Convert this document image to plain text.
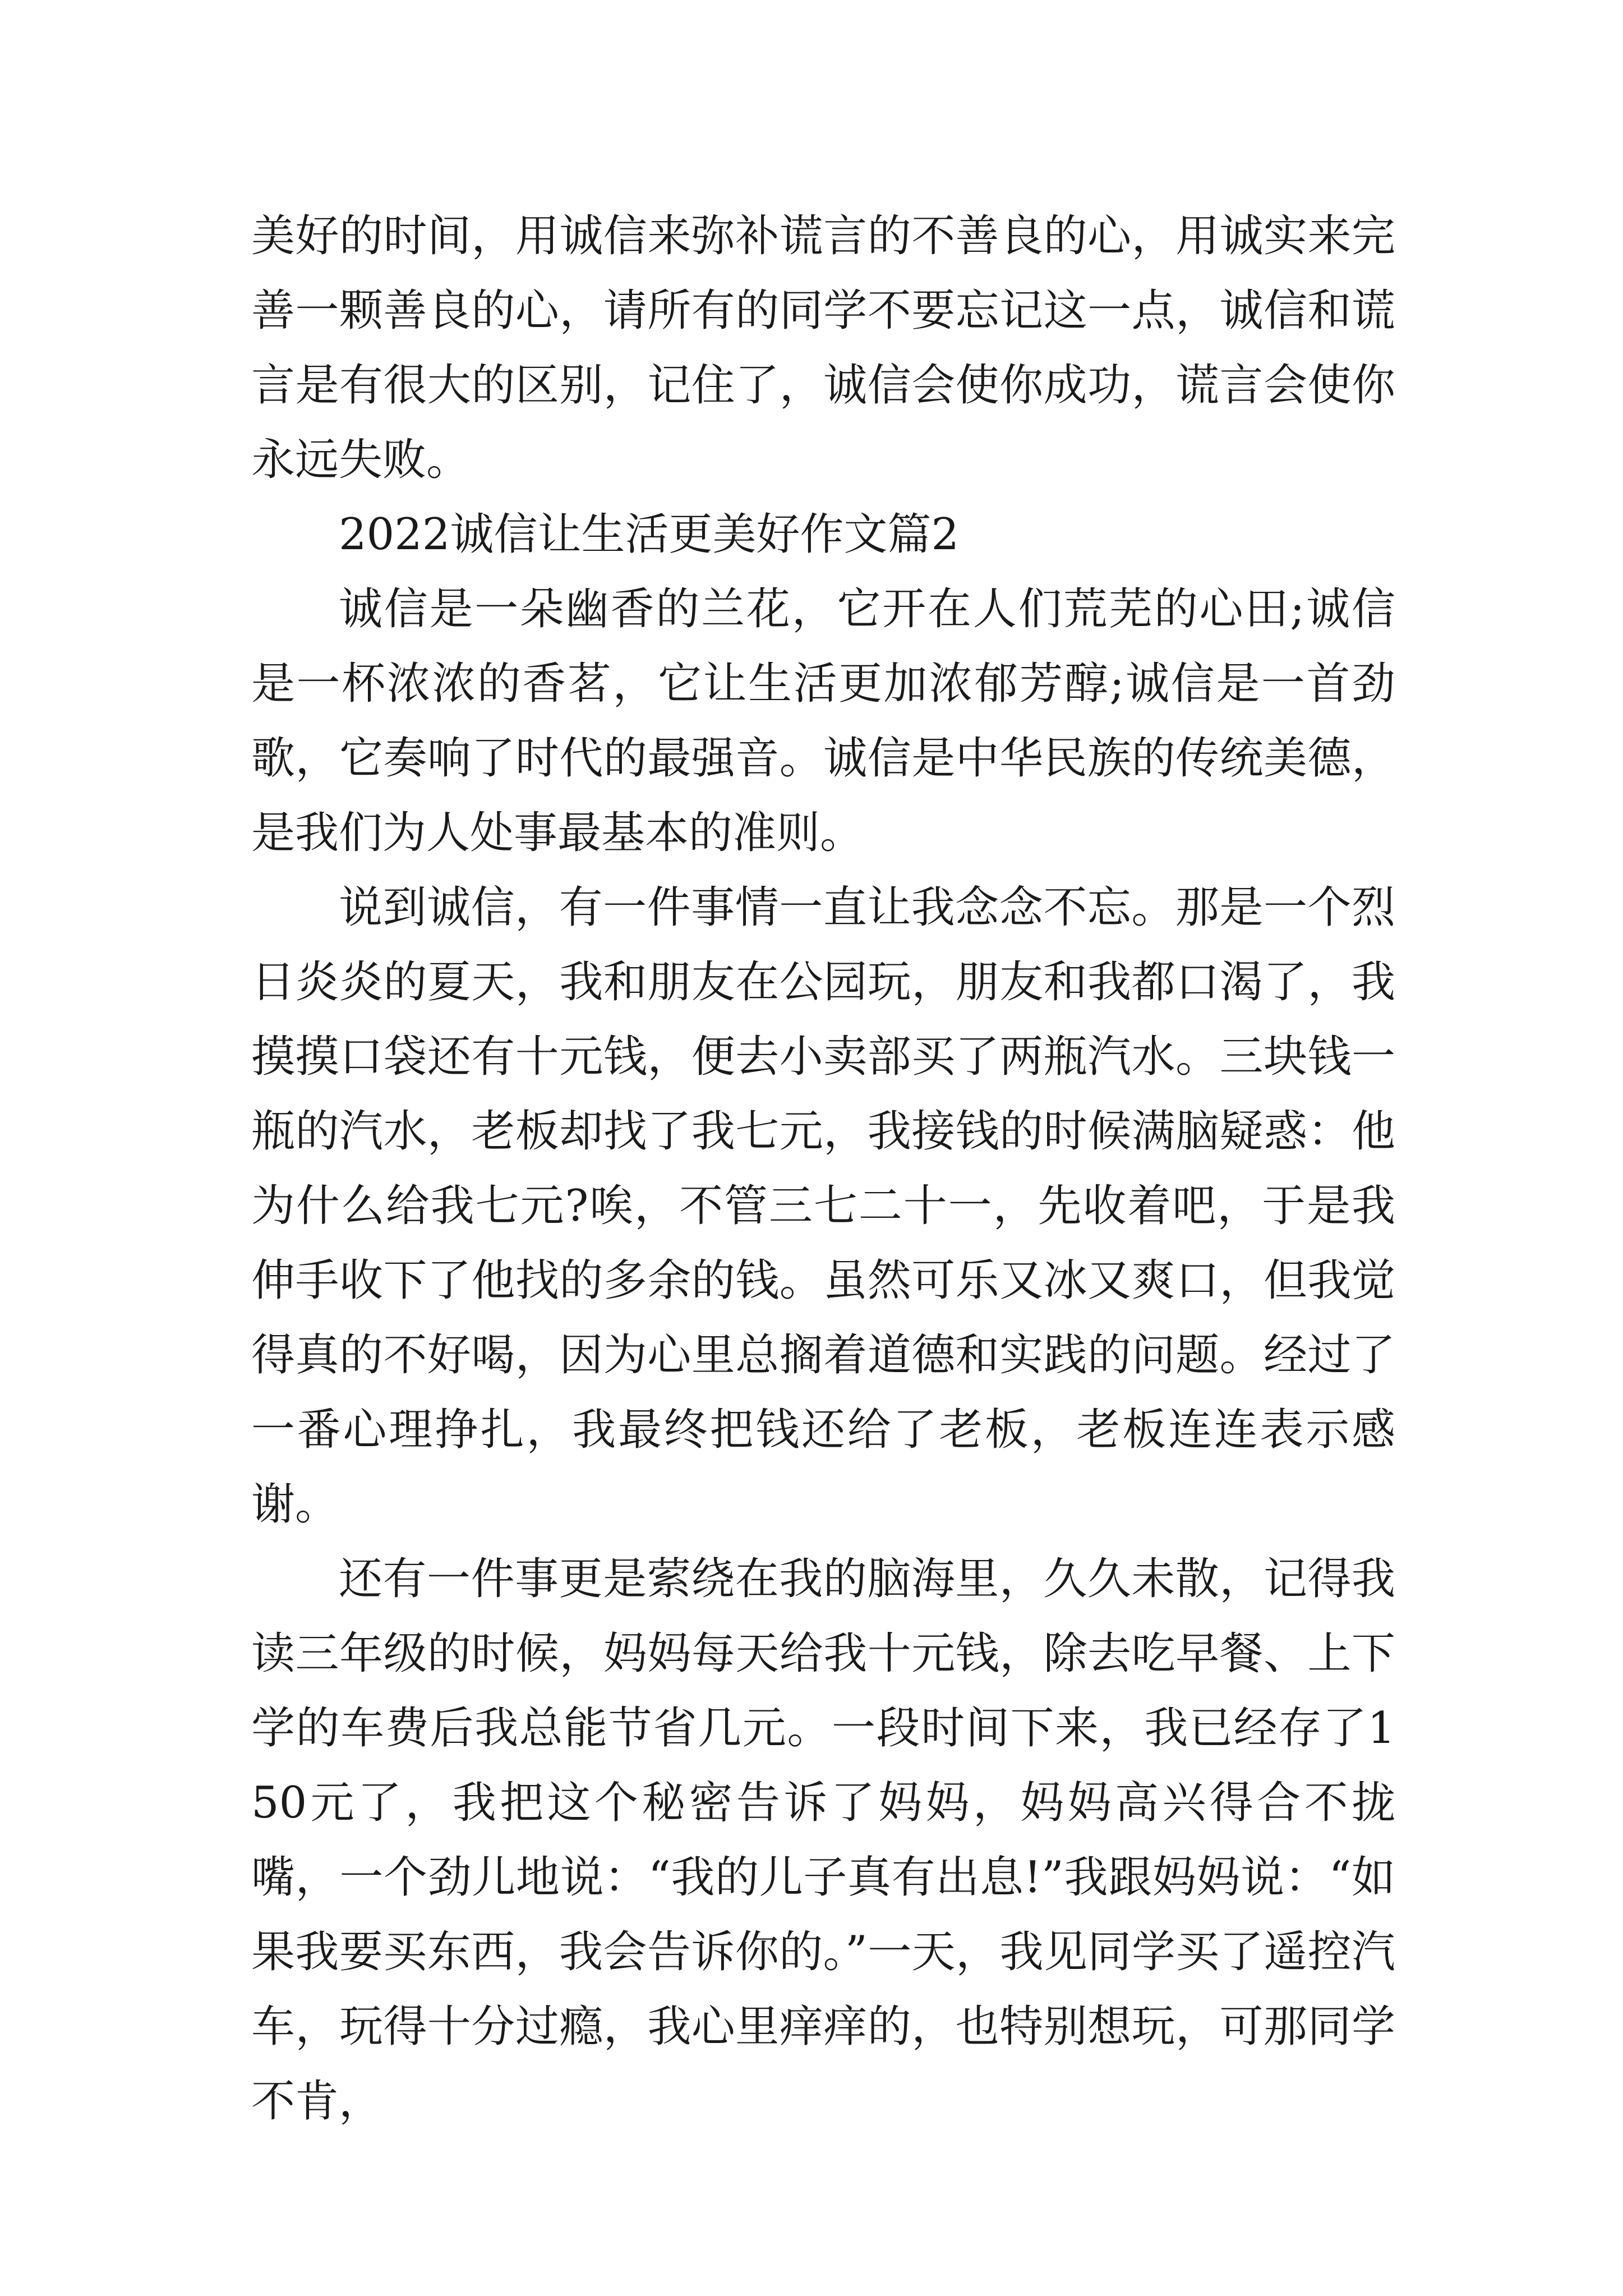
美好的时间，用诚信来弥补谎言的不善良的心，用诚实来完善一颗善良的心，请所有的同学不要忘记这一点，诚信和谎言是有很大的区别，记住了，诚信会使你成功，谎言会使你永远失败。

2022诚信让生活更美好作文篇2

诚信是一朵幽香的兰花，它开在人们荒芜的心田;诚信是一杯浓浓的香茗，它让生活更加浓郁芳醇;诚信是一首劲歌，它奏响了时代的最强音。诚信是中华民族的传统美德，是我们为人处事最基本的准则。

说到诚信，有一件事情一直让我念念不忘。那是一个烈日炎炎的夏天，我和朋友在公园玩，朋友和我都口渴了，我摸摸口袋还有十元钱，便去小卖部买了两瓶汽水。三块钱一瓶的汽水，老板却找了我七元，我接钱的时候满脑疑惑：他为什么给我七元?唉，不管三七二十一，先收着吧，于是我伸手收下了他找的多余的钱。虽然可乐又冰又爽口，但我觉得真的不好喝，因为心里总搁着道德和实践的问题。经过了一番心理挣扎，我最终把钱还给了老板，老板连连表示感谢。

还有一件事更是萦绕在我的脑海里，久久未散，记得我读三年级的时候，妈妈每天给我十元钱，除去吃早餐、上下学的车费后我总能节省几元。一段时间下来，我已经存了150元了，我把这个秘密告诉了妈妈，妈妈高兴得合不拢嘴，一个劲儿地说：“我的儿子真有出息!”我跟妈妈说：“如果我要买东西，我会告诉你的。”一天，我见同学买了遥控汽车，玩得十分过瘾，我心里痒痒的，也特别想玩，可那同学不肯，
